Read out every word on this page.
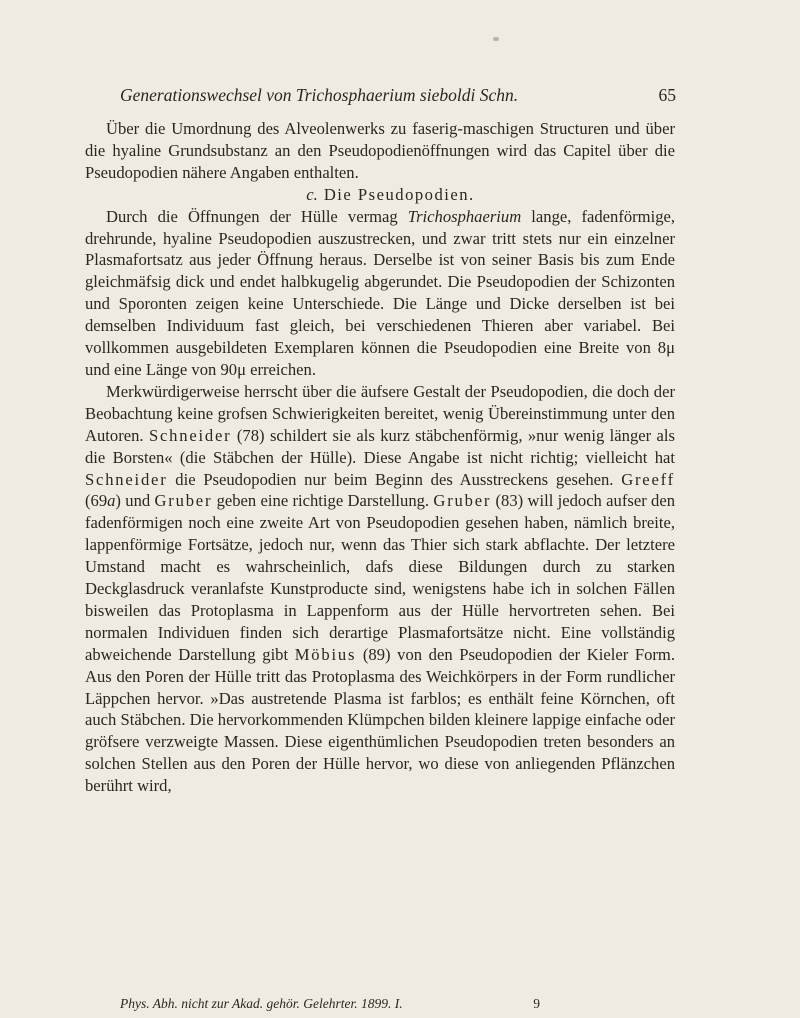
Generationswechsel von Trichosphaerium sieboldi Schn.	65

Über die Umordnung des Alveolenwerks zu faserig-maschigen Structuren und über die hyaline Grundsubstanz an den Pseudopodienöffnungen wird das Capitel über die Pseudopodien nähere Angaben enthalten.

c. Die Pseudopodien.

Durch die Öffnungen der Hülle vermag Trichosphaerium lange, fadenförmige, drehrunde, hyaline Pseudopodien auszustrecken, und zwar tritt stets nur ein einzelner Plasmafortsatz aus jeder Öffnung heraus. Derselbe ist von seiner Basis bis zum Ende gleichmäfsig dick und endet halbkugelig abgerundet. Die Pseudopodien der Schizonten und Sporonten zeigen keine Unterschiede. Die Länge und Dicke derselben ist bei demselben Individuum fast gleich, bei verschiedenen Thieren aber variabel. Bei vollkommen ausgebildeten Exemplaren können die Pseudopodien eine Breite von 8μ und eine Länge von 90μ erreichen.

Merkwürdigerweise herrscht über die äufsere Gestalt der Pseudopodien, die doch der Beobachtung keine grofsen Schwierigkeiten bereitet, wenig Übereinstimmung unter den Autoren. Schneider (78) schildert sie als kurz stäbchenförmig, »nur wenig länger als die Borsten« (die Stäbchen der Hülle). Diese Angabe ist nicht richtig; vielleicht hat Schneider die Pseudopodien nur beim Beginn des Ausstreckens gesehen. Greeff (69a) und Gruber geben eine richtige Darstellung. Gruber (83) will jedoch aufser den fadenförmigen noch eine zweite Art von Pseudopodien gesehen haben, nämlich breite, lappenförmige Fortsätze, jedoch nur, wenn das Thier sich stark abflachte. Der letztere Umstand macht es wahrscheinlich, dafs diese Bildungen durch zu starken Deckglasdruck veranlafste Kunstproducte sind, wenigstens habe ich in solchen Fällen bisweilen das Protoplasma in Lappenform aus der Hülle hervortreten sehen. Bei normalen Individuen finden sich derartige Plasmafortsätze nicht. Eine vollständig abweichende Darstellung gibt Möbius (89) von den Pseudopodien der Kieler Form. Aus den Poren der Hülle tritt das Protoplasma des Weichkörpers in der Form rundlicher Läppchen hervor. »Das austretende Plasma ist farblos; es enthält feine Körnchen, oft auch Stäbchen. Die hervorkommenden Klümpchen bilden kleinere lappige einfache oder gröfsere verzweigte Massen. Diese eigenthümlichen Pseudopodien treten besonders an solchen Stellen aus den Poren der Hülle hervor, wo diese von anliegenden Pflänzchen berührt wird,

Phys. Abh. nicht zur Akad. gehör. Gelehrter. 1899. I.	9
